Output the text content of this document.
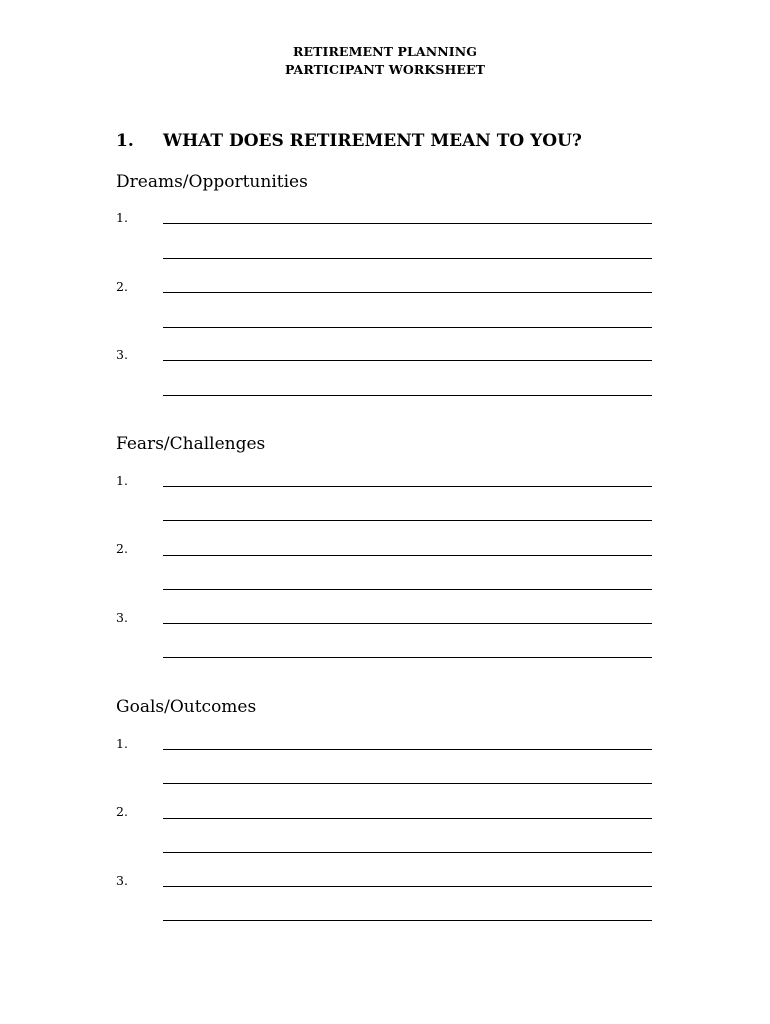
RETIREMENT PLANNING
PARTICIPANT WORKSHEET
1. WHAT DOES RETIREMENT MEAN TO YOU?
Dreams/Opportunities
1.
2.
3.
Fears/Challenges
1.
2.
3.
Goals/Outcomes
1.
2.
3.
